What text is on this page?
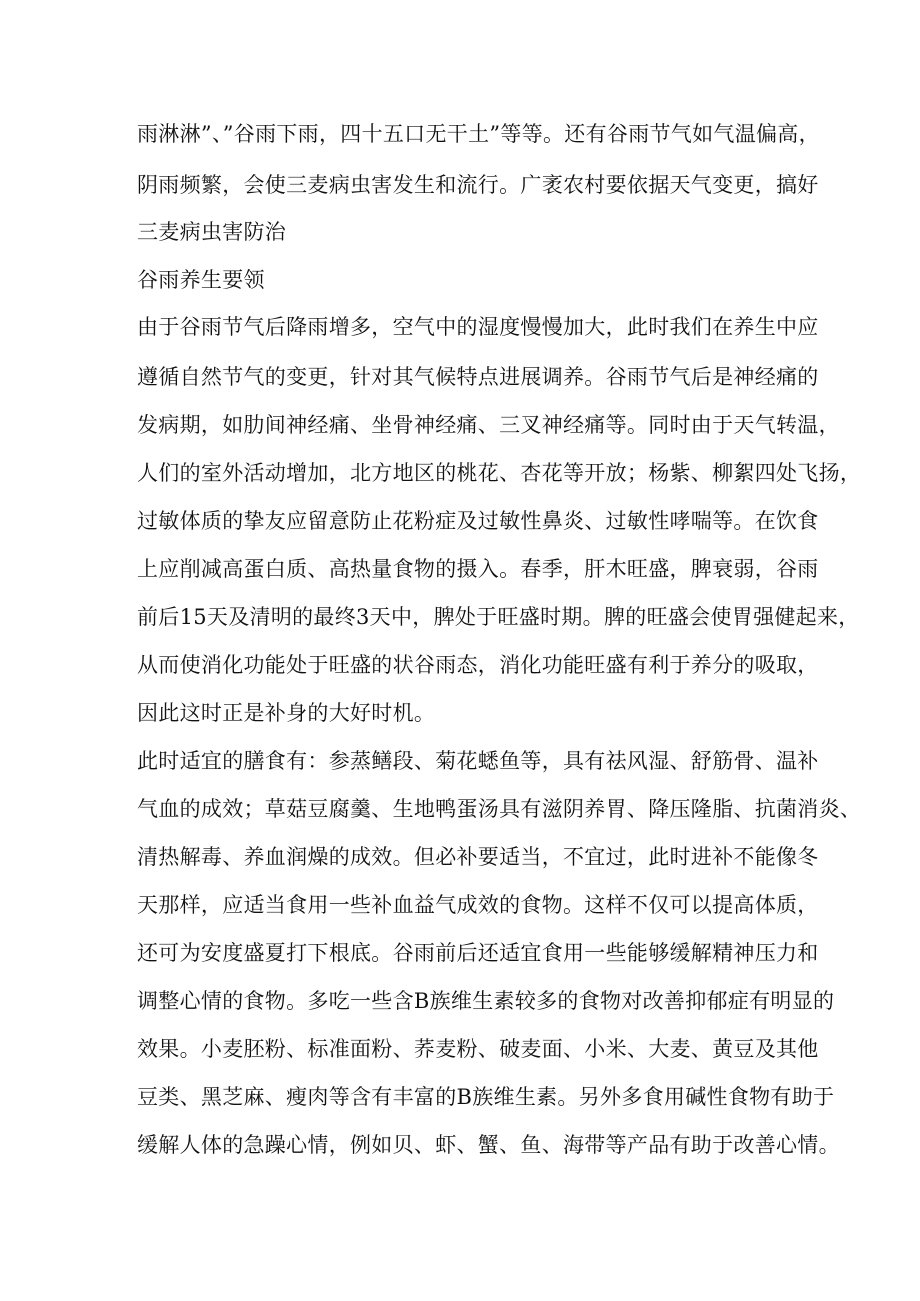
雨淋淋”、”谷雨下雨，四十五口无干土”等等。还有谷雨节气如气温偏高，

阴雨频繁，会使三麦病虫害发生和流行。广袤农村要依据天气变更，搞好

三麦病虫害防治

谷雨养生要领

由于谷雨节气后降雨增多，空气中的湿度慢慢加大，此时我们在养生中应

遵循自然节气的变更，针对其气候特点进展调养。谷雨节气后是神经痛的

发病期，如肋间神经痛、坐骨神经痛、三叉神经痛等。同时由于天气转温，

人们的室外活动增加，北方地区的桃花、杏花等开放；杨紫、柳絮四处飞扬，

过敏体质的挚友应留意防止花粉症及过敏性鼻炎、过敏性哮喘等。在饮食

上应削减高蛋白质、高热量食物的摄入。春季，肝木旺盛，脾衰弱，谷雨

前后15天及清明的最终3天中，脾处于旺盛时期。脾的旺盛会使胃强健起来，

从而使消化功能处于旺盛的状谷雨态，消化功能旺盛有利于养分的吸取，

因此这时正是补身的大好时机。

此时适宜的膳食有：参蒸鳝段、菊花蟋鱼等，具有祛风湿、舒筋骨、温补

气血的成效；草菇豆腐羹、生地鸭蛋汤具有滋阴养胃、降压隆脂、抗菌消炎、

清热解毒、养血润燥的成效。但必补要适当，不宜过，此时进补不能像冬

天那样，应适当食用一些补血益气成效的食物。这样不仅可以提高体质，

还可为安度盛夏打下根底。谷雨前后还适宜食用一些能够缓解精神压力和

调整心情的食物。多吃一些含B族维生素较多的食物对改善抑郁症有明显的

效果。小麦胚粉、标准面粉、荞麦粉、破麦面、小米、大麦、黄豆及其他

豆类、黑芝麻、瘦肉等含有丰富的B族维生素。另外多食用碱性食物有助于

缓解人体的急躁心情，例如贝、虾、蟹、鱼、海带等产品有助于改善心情。
